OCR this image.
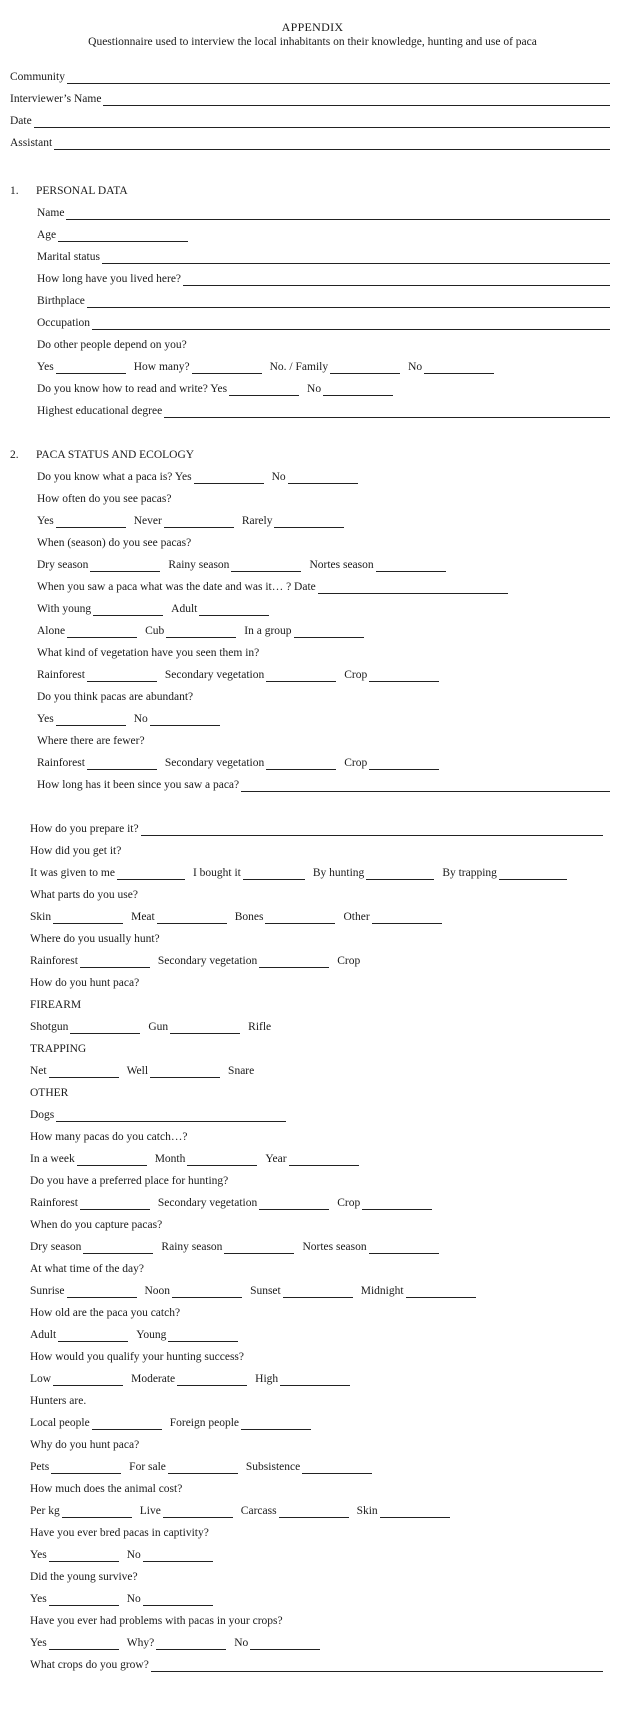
APPENDIX
Questionnaire used to interview the local inhabitants on their knowledge, hunting and use of paca
Community
Interviewer’s Name
Date
Assistant
1.	PERSONAL DATA
Name
Age
Marital status
How long have you lived here?
Birthplace
Occupation
Do other people depend on you?
Yes	How many?	No. / Family	No
Do you know how to read and write? Yes	No
Highest educational degree
2.	PACA STATUS AND ECOLOGY
Do you know what a paca is? Yes	No
How often do you see pacas?
Yes	Never	Rarely
When (season) do you see pacas?
Dry season	Rainy season	Nortes season
When you saw a paca what was the date and was it… ? Date
With young	Adult
Alone	Cub	In a group
What kind of vegetation have you seen them in?
Rainforest	Secondary vegetation	Crop
Do you think pacas are abundant?
Yes	No
Where there are fewer?
Rainforest	Secondary vegetation	Crop
How long has it been since you saw a paca?
How do you prepare it?
How did you get it?
It was given to me	I bought it	By hunting	By trapping
What parts do you use?
Skin	Meat	Bones	Other
Where do you usually hunt?
Rainforest	Secondary vegetation	Crop
How do you hunt paca?
FIREARM
Shotgun	Gun	Rifle
TRAPPING
Net	Well	Snare
OTHER
Dogs
How many pacas do you catch…?
In a week	Month	Year
Do you have a preferred place for hunting?
Rainforest	Secondary vegetation	Crop
When do you capture pacas?
Dry season	Rainy season	Nortes season
At what time of the day?
Sunrise	Noon	Sunset	Midnight
How old are the paca you catch?
Adult	Young
How would you qualify your hunting success?
Low	Moderate	High
Hunters are.
Local people	Foreign people
Why do you hunt paca?
Pets	For sale	Subsistence
How much does the animal cost?
Per kg	Live	Carcass	Skin
Have you ever bred pacas in captivity?
Yes	No
Did the young survive?
Yes	No
Have you ever had problems with pacas in your crops?
Yes	Why?	No
What crops do you grow?
